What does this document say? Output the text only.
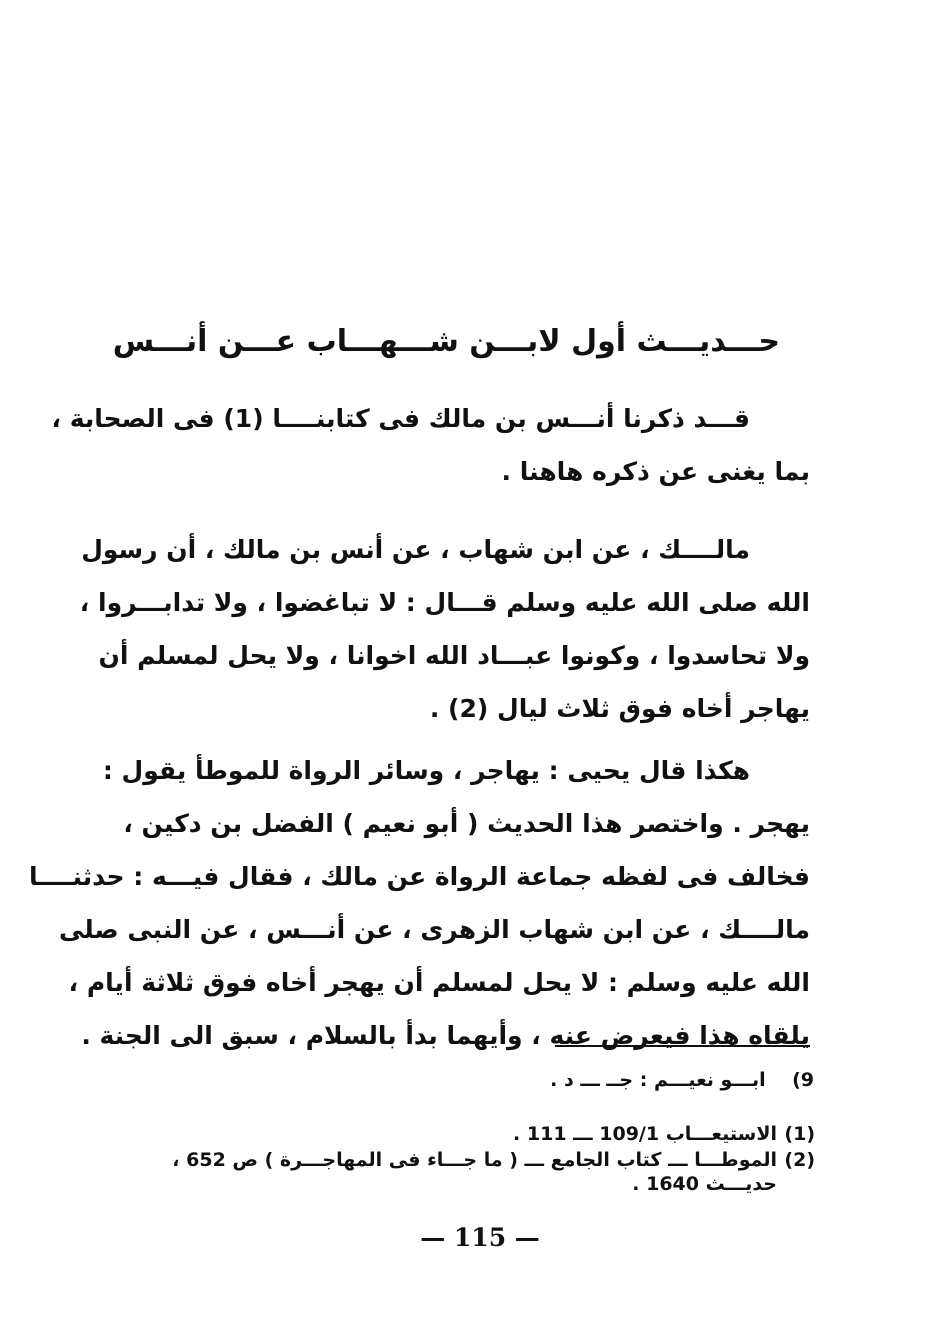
حـــديـــث أول لابـــن شـــهـــاب عـــن أنـــس
قـــد ذكرنا أنـــس بن مالك فى كتابنــــا (1) فى الصحابة ،
بما يغنى عن ذكره هاهنا .
مالــــك ، عن ابن شهاب ، عن أنس بن مالك ، أن رسول
الله صلى الله عليه وسلم قـــال : لا تباغضوا ، ولا تدابـــروا ،
ولا تحاسدوا ، وكونوا عبـــاد الله اخوانا ، ولا يحل لمسلم أن
يهاجر أخاه فوق ثلاث ليال (2) .
هكذا قال يحيى : يهاجر ، وسائر الرواة للموطأ يقول :
يهجر . واختصر هذا الحديث ( أبو نعيم ) الفضل بن دكين ،
فخالف فى لفظه جماعة الرواة عن مالك ، فقال فيـــه : حدثنــــا
مالــــك ، عن ابن شهاب الزهرى ، عن أنـــس ، عن النبى صلى
الله عليه وسلم : لا يحل لمسلم أن يهجر أخاه فوق ثلاثة أيام ،
يلقاه هذا فيعرض عنه ، وأيهما بدأ بالسلام ، سبق الى الجنة .
9)    ابـــو نعيـــم : جــ ـــ د .
(1)الاستيعـــاب 109/1 ـــ 111 .
(2)الموطـــا ـــ كتاب الجامع ـــ ( ما جـــاء فى المهاجـــرة ) ص 652 ،
حديـــث 1640 .
— 115 —
